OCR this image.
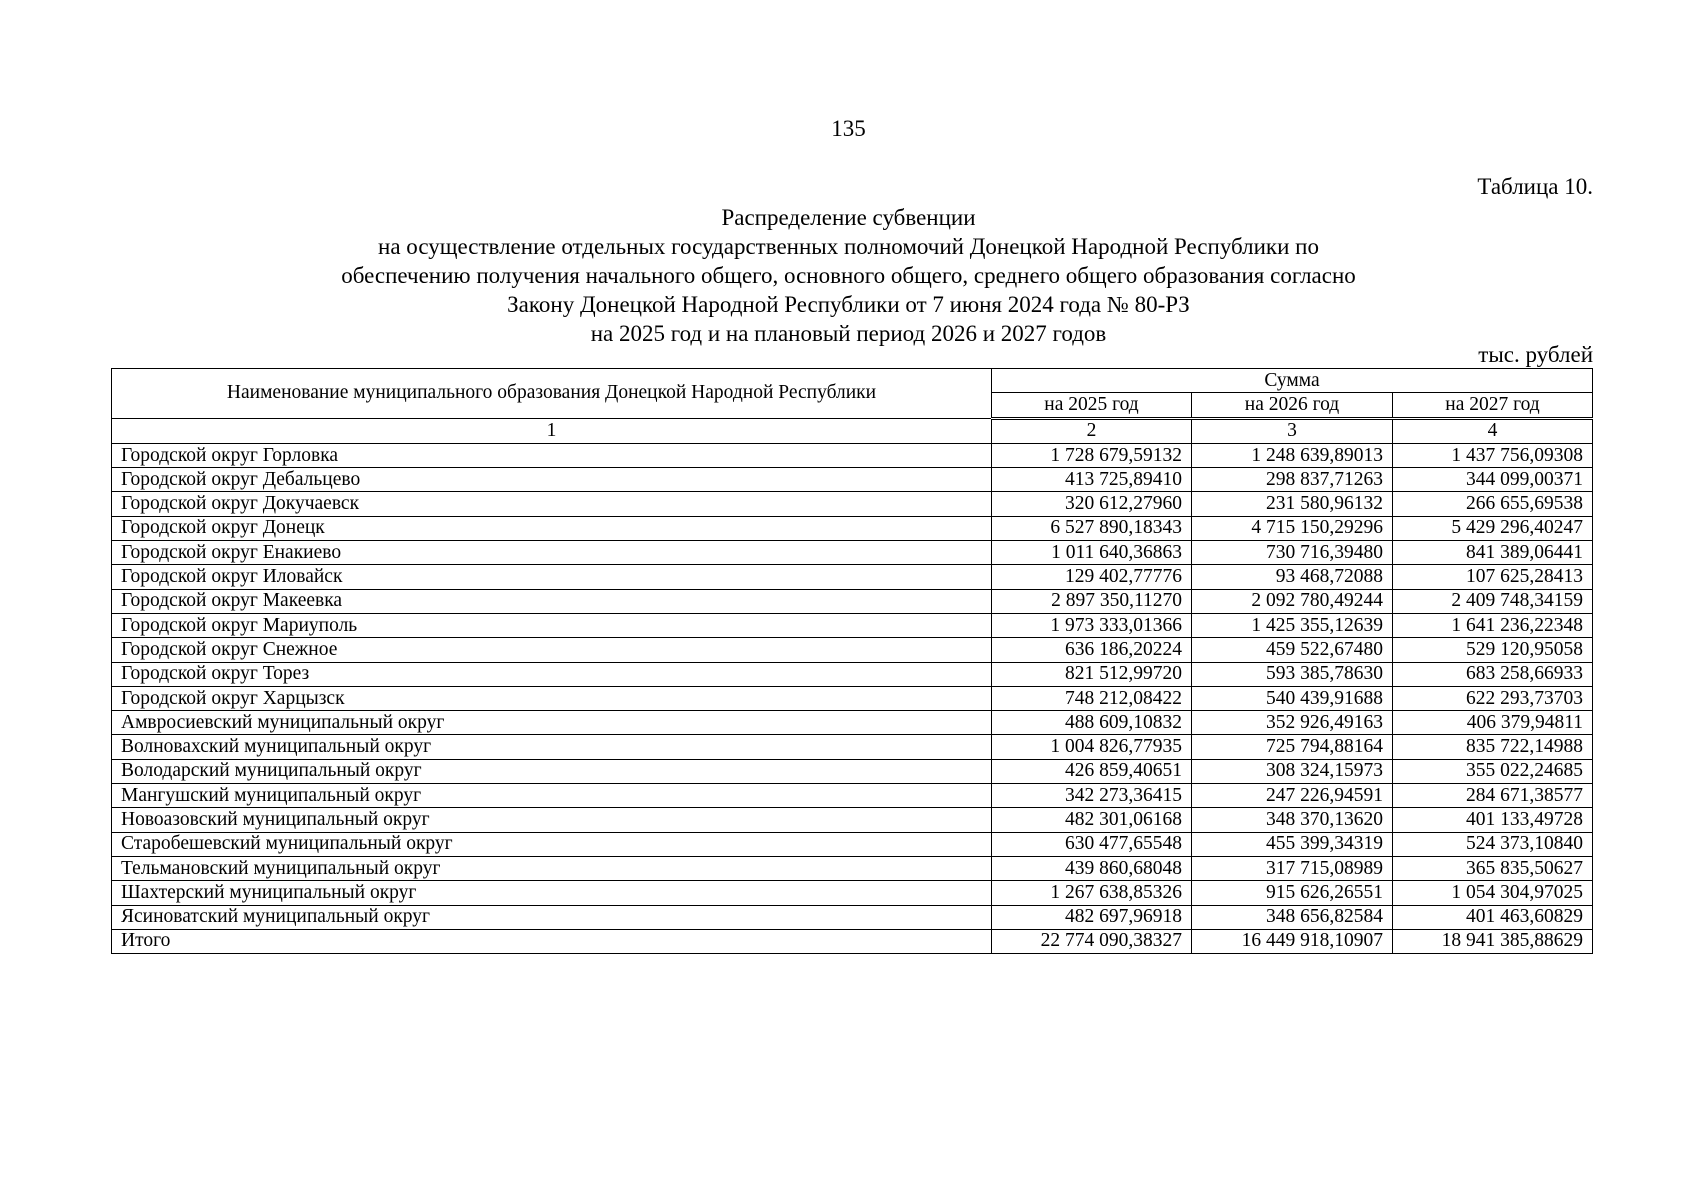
135
Таблица 10.
Распределение субвенции
на осуществление отдельных государственных полномочий Донецкой Народной Республики по
обеспечению получения начального общего, основного общего, среднего общего образования согласно
Закону Донецкой Народной Республики от 7 июня 2024 года № 80-РЗ
на 2025 год и на плановый период 2026 и 2027 годов
тыс. рублей
Наименование муниципального образования Донецкой Народной Республики	Сумма		
	на 2025 год	на 2026 год	на 2027 год
1	2	3	4
Городской округ Горловка	1 728 679,59132	1 248 639,89013	1 437 756,09308
Городской округ Дебальцево	413 725,89410	298 837,71263	344 099,00371
Городской округ Докучаевск	320 612,27960	231 580,96132	266 655,69538
Городской округ Донецк	6 527 890,18343	4 715 150,29296	5 429 296,40247
Городской округ Енакиево	1 011 640,36863	730 716,39480	841 389,06441
Городской округ Иловайск	129 402,77776	93 468,72088	107 625,28413
Городской округ Макеевка	2 897 350,11270	2 092 780,49244	2 409 748,34159
Городской округ Мариуполь	1 973 333,01366	1 425 355,12639	1 641 236,22348
Городской округ Снежное	636 186,20224	459 522,67480	529 120,95058
Городской округ Торез	821 512,99720	593 385,78630	683 258,66933
Городской округ Харцызск	748 212,08422	540 439,91688	622 293,73703
Амвросиевский муниципальный округ	488 609,10832	352 926,49163	406 379,94811
Волновахский муниципальный округ	1 004 826,77935	725 794,88164	835 722,14988
Володарский муниципальный округ	426 859,40651	308 324,15973	355 022,24685
Мангушский муниципальный округ	342 273,36415	247 226,94591	284 671,38577
Новоазовский муниципальный округ	482 301,06168	348 370,13620	401 133,49728
Старобешевский муниципальный округ	630 477,65548	455 399,34319	524 373,10840
Тельмановский муниципальный округ	439 860,68048	317 715,08989	365 835,50627
Шахтерский муниципальный округ	1 267 638,85326	915 626,26551	1 054 304,97025
Ясиноватский муниципальный округ	482 697,96918	348 656,82584	401 463,60829
Итого	22 774 090,38327	16 449 918,10907	18 941 385,88629
